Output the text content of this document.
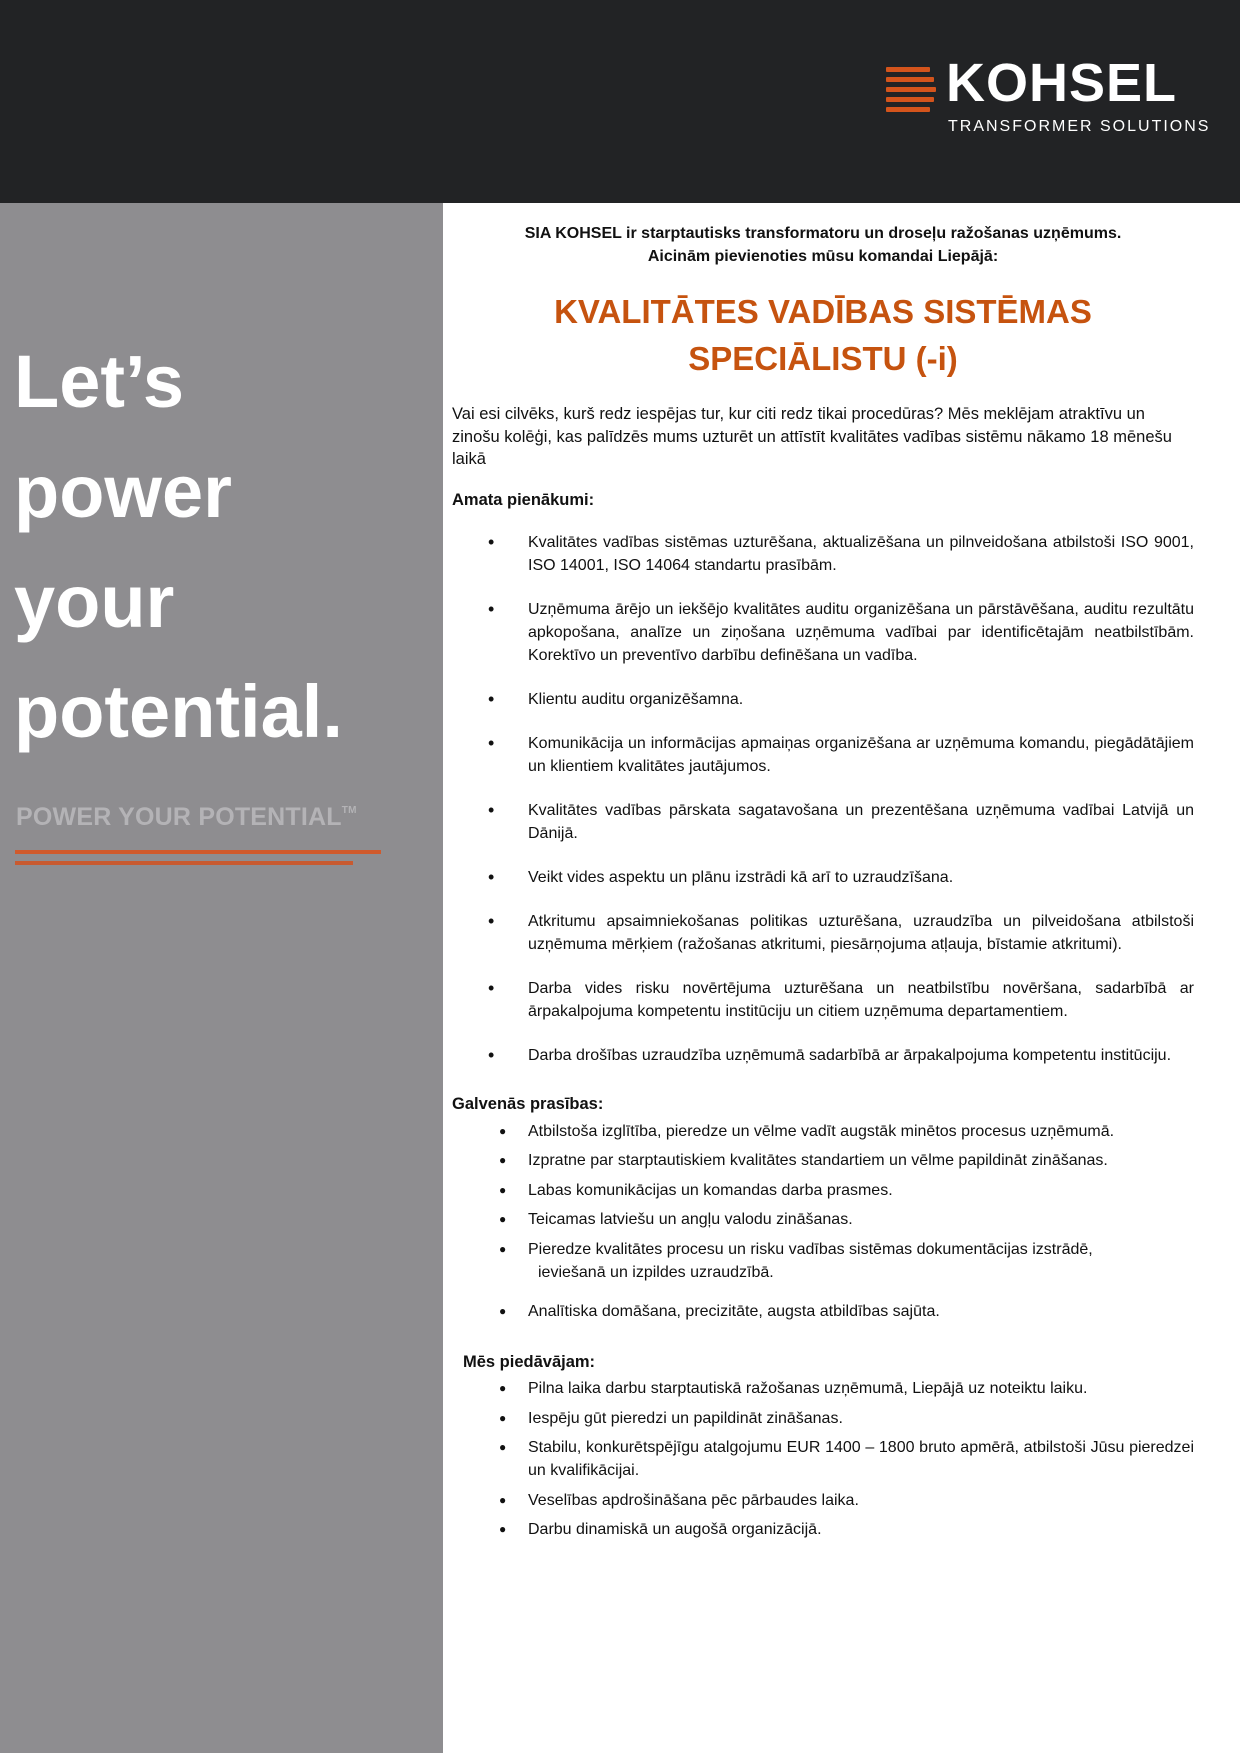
KOHSEL
TRANSFORMER SOLUTIONS
Let’s
power
your
potential.
POWER YOUR POTENTIAL™
SIA KOHSEL ir starptautisks transformatoru un droseļu ražošanas uzņēmums.
Aicinām pievienoties mūsu komandai Liepājā:
KVALITĀTES VADĪBAS SISTĒMAS
SPECIĀLISTU (-i)

Vai esi cilvēks, kurš redz iespējas tur, kur citi redz tikai procedūras? Mēs meklējam atraktīvu un zinošu kolēģi, kas palīdzēs mums uzturēt un attīstīt kvalitātes vadības sistēmu nākamo 18 mēnešu laikā

Amata pienākumi:
• Kvalitātes vadības sistēmas uzturēšana, aktualizēšana un pilnveidošana atbilstoši ISO 9001, ISO 14001, ISO 14064 standartu prasībām.
• Uzņēmuma ārējo un iekšējo kvalitātes auditu organizēšana un pārstāvēšana, auditu rezultātu apkopošana, analīze un ziņošana uzņēmuma vadībai par identificētajām neatbilstībām. Korektīvo un preventīvo darbību definēšana un vadība.
• Klientu auditu organizēšamna.
• Komunikācija un informācijas apmaiņas organizēšana ar uzņēmuma komandu, piegādātājiem un klientiem kvalitātes jautājumos.
• Kvalitātes vadības pārskata sagatavošana un prezentēšana uzņēmuma vadībai Latvijā un Dānijā.
• Veikt vides aspektu un plānu izstrādi kā arī to uzraudzīšana.
• Atkritumu apsaimniekošanas politikas uzturēšana, uzraudzība un pilveidošana atbilstoši uzņēmuma mērķiem (ražošanas atkritumi, piesārņojuma atļauja, bīstamie atkritumi).
• Darba vides risku novērtējuma uzturēšana un neatbilstību novēršana, sadarbībā ar ārpakalpojuma kompetentu institūciju un citiem uzņēmuma departamentiem.
• Darba drošības uzraudzība uzņēmumā sadarbībā ar ārpakalpojuma kompetentu institūciju.
Galvenās prasības:
● Atbilstoša izglītība, pieredze un vēlme vadīt augstāk minētos procesus uzņēmumā.
● Izpratne par starptautiskiem kvalitātes standartiem un vēlme papildināt zināšanas.
● Labas komunikācijas un komandas darba prasmes.
● Teicamas latviešu un angļu valodu zināšanas.
● Pieredze kvalitātes procesu un risku vadības sistēmas dokumentācijas izstrādē,
ieviešanā un izpildes uzraudzībā.
● Analītiska domāšana, precizitāte, augsta atbildības sajūta.
Mēs piedāvājam:
● Pilna laika darbu starptautiskā ražošanas uzņēmumā, Liepājā uz noteiktu laiku.
● Iespēju gūt pieredzi un papildināt zināšanas.
● Stabilu, konkurētspējīgu atalgojumu EUR 1400 – 1800 bruto apmērā, atbilstoši Jūsu pieredzei un kvalifikācijai.
● Veselības apdrošināšana pēc pārbaudes laika.
● Darbu dinamiskā un augošā organizācijā.
